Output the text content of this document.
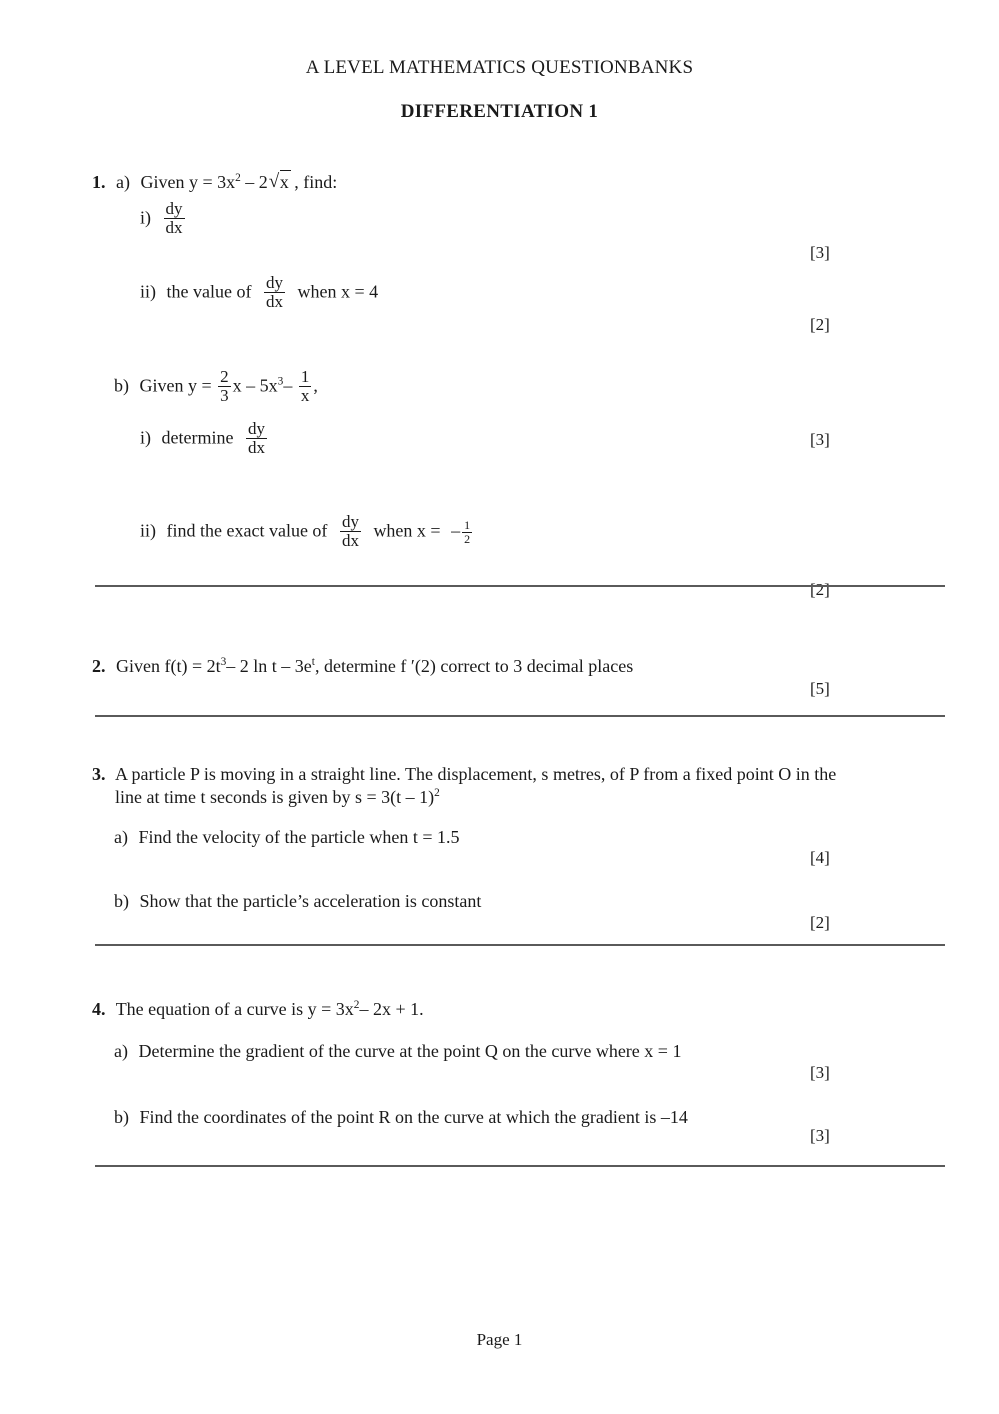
A LEVEL MATHEMATICS QUESTIONBANKS
DIFFERENTIATION 1
1. a) Given $y = 3x^2 - 2$ √ x , find:
$i) \frac{dy}{dx}$
[3]
ii) the value of $\frac{dy}{dx}$ when x = 4
[2]
b) Given $y = \frac{2}{3}$ x – $5x^3- \frac{1}{x}$ ,
i) determine $\frac{dy}{dx}$	[3]
ii) find the exact value of $\frac{dy}{dx}$ when x = – $\frac{1}{2}$
[2]
2. Given $f(t) = 2t^3-$ 2 ln t – $3e^t$, determine f ′(2) correct to 3 decimal places
[5]
3. A particle P is moving in a straight line. The displacement, s metres, of P from a fixed point O in the
line at time t seconds is given by s = 3(t – 1)$^2$
a) Find the velocity of the particle when t = 1.5
[4]
b) Show that the particle’s acceleration is constant
[2]
4. The equation of a curve is $y = 3x^2-$ 2x + 1.
a) Determine the gradient of the curve at the point Q on the curve where x = 1
[3]
b) Find the coordinates of the point R on the curve at which the gradient is –14
[3]
Page 1
